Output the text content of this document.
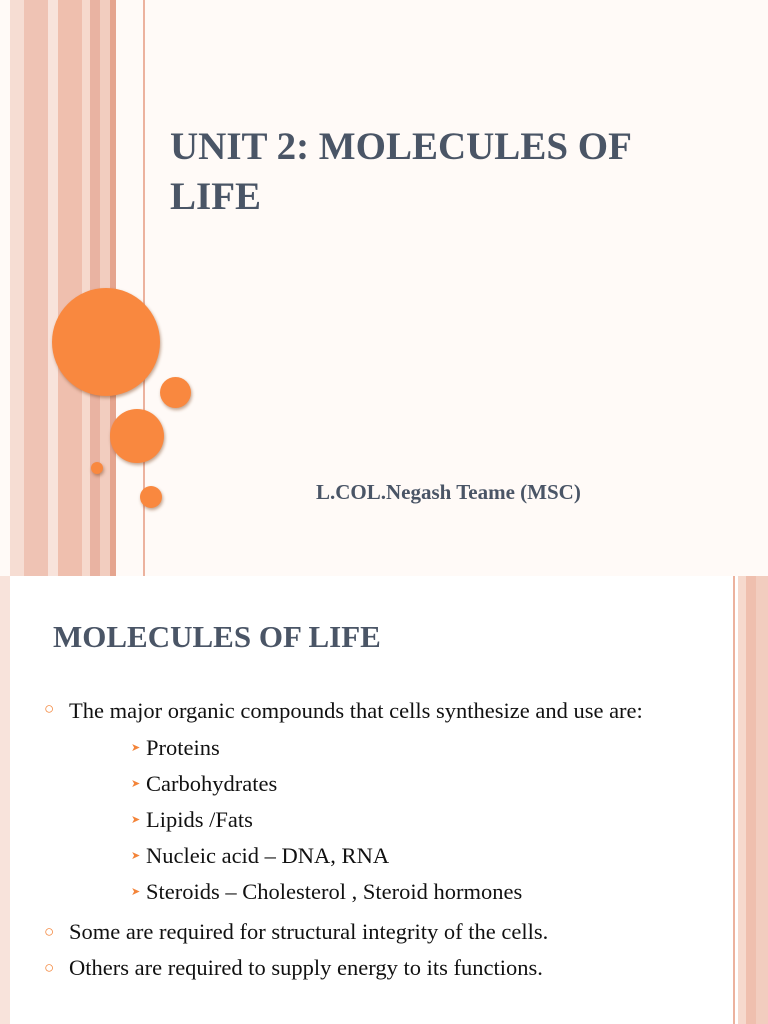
UNIT 2: MOLECULES OF LIFE

L.COL.Negash Teame (MSC)

MOLECULES OF LIFE
○ The major organic compounds that cells synthesize and use are:
➤ Proteins
➤ Carbohydrates
➤ Lipids /Fats
➤ Nucleic acid – DNA, RNA
➤ Steroids – Cholesterol , Steroid hormones
○ Some are required for structural integrity of the cells.
○ Others are required to supply energy to its functions.
